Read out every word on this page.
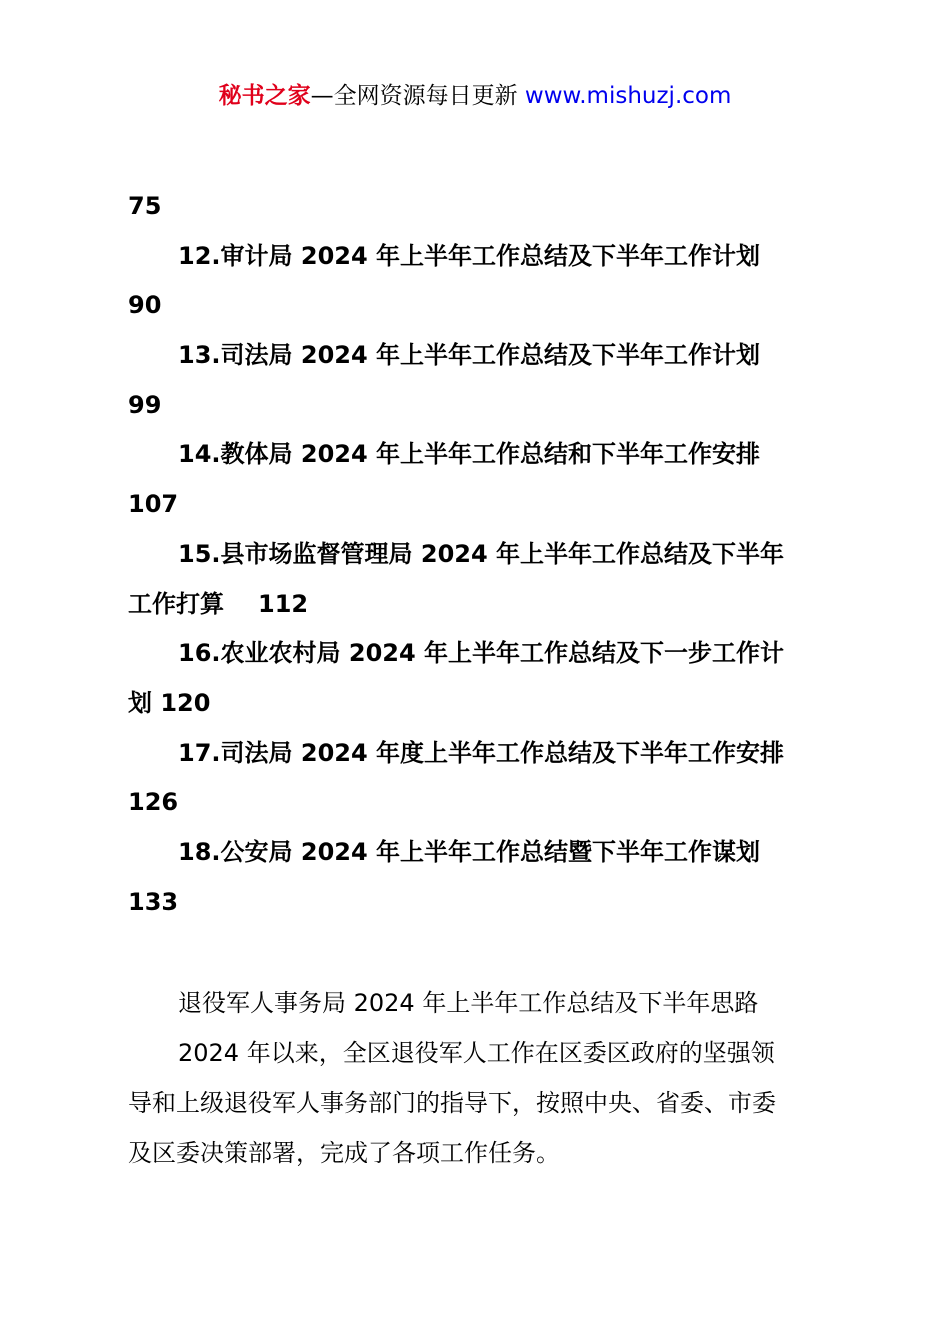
秘书之家—全网资源每日更新 www.mishuzj.com
75
12.审计局 2024 年上半年工作总结及下半年工作计划
90
13.司法局 2024 年上半年工作总结及下半年工作计划
99
14.教体局 2024 年上半年工作总结和下半年工作安排
107
15.县市场监督管理局 2024 年上半年工作总结及下半年
工作打算 112
16.农业农村局 2024 年上半年工作总结及下一步工作计
划 120
17.司法局 2024 年度上半年工作总结及下半年工作安排
126
18.公安局 2024 年上半年工作总结暨下半年工作谋划
133
退役军人事务局 2024 年上半年工作总结及下半年思路
2024 年以来，全区退役军人工作在区委区政府的坚强领
导和上级退役军人事务部门的指导下，按照中央、省委、市委
及区委决策部署，完成了各项工作任务。
